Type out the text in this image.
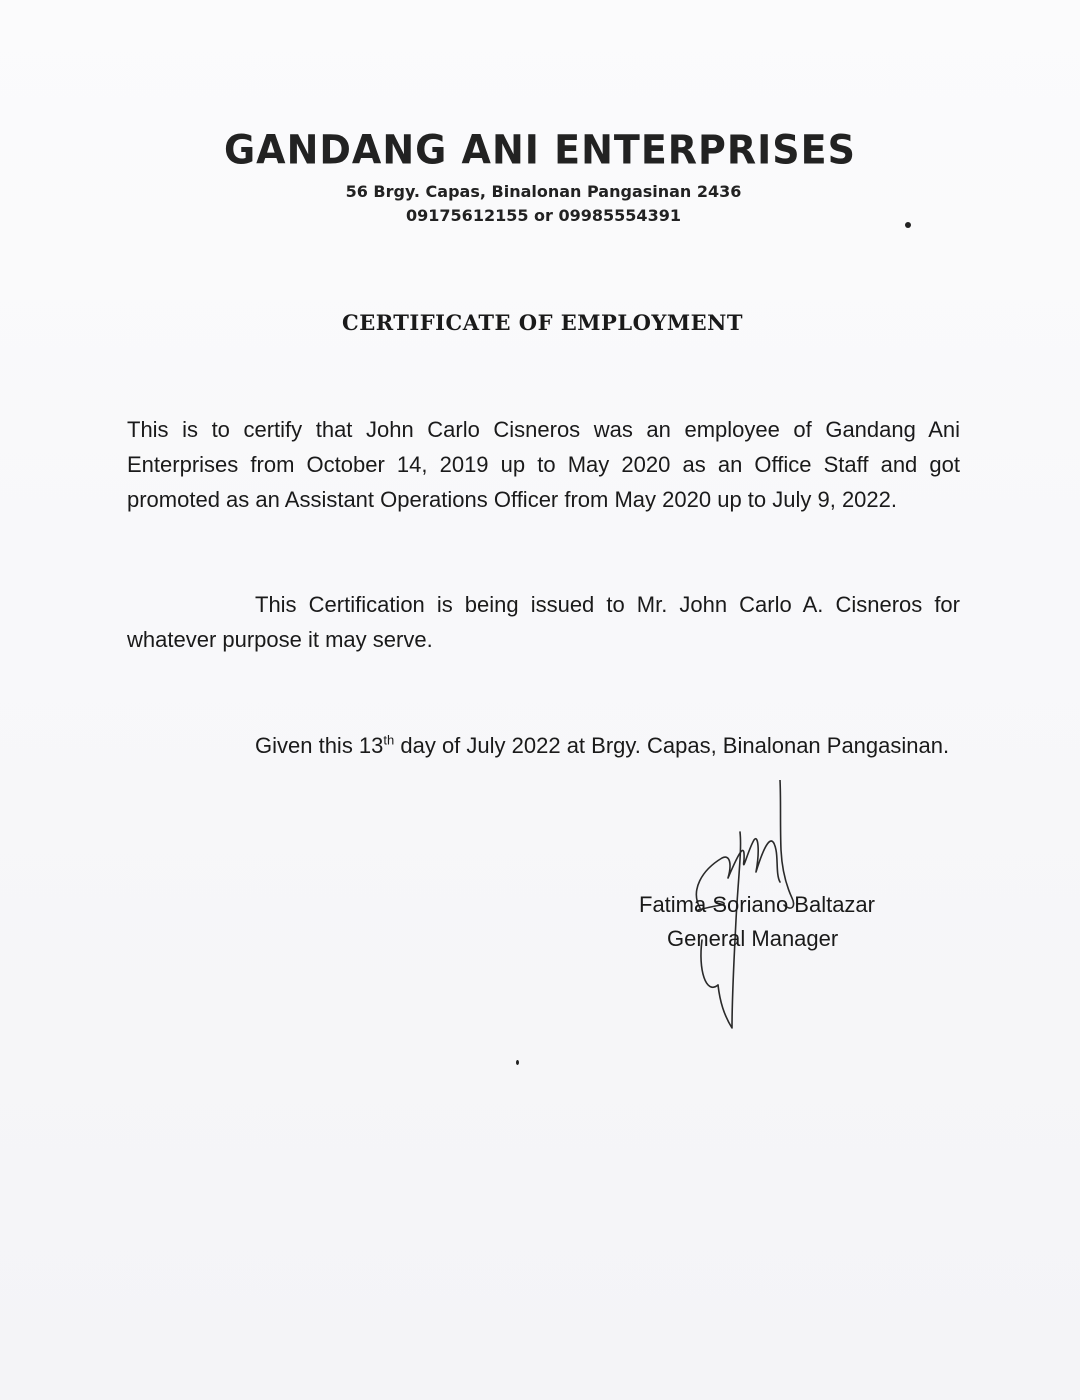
GANDANG ANI ENTERPRISES
56 Brgy. Capas, Binalonan Pangasinan 2436
09175612155 or 09985554391
CERTIFICATE OF EMPLOYMENT
This is to certify that John Carlo Cisneros was an employee of Gandang Ani Enterprises from October 14, 2019 up to May 2020 as an Office Staff and got promoted as an Assistant Operations Officer from May 2020 up to July 9, 2022.
This Certification is being issued to Mr. John Carlo A. Cisneros for whatever purpose it may serve.
Given this 13th day of July 2022 at Brgy. Capas, Binalonan Pangasinan.
Fatima Soriano Baltazar
General Manager
